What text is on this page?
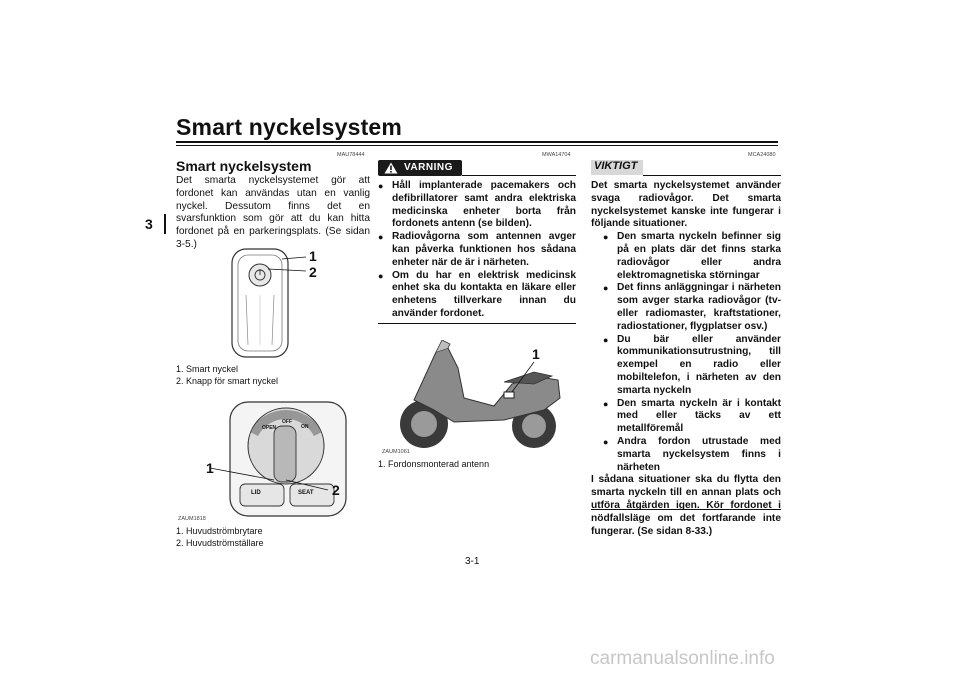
Smart nyckelsystem
3
MAU78444
Smart nyckelsystem
Det smarta nyckelsystemet gör att fordonet kan användas utan en vanlig nyckel. Dessutom finns det en svarsfunktion som gör att du kan hitta fordonet på en parkeringsplats. (Se sidan 3-5.)
1
2
1. Smart nyckel
2. Knapp för smart nyckel
LID	SEAT
OPEN
OFF
ON
1
2
ZAUM1818
1. Huvudströmbrytare
2. Huvudströmställare
MWA14704
VARNING

● Håll implanterade pacemakers och defibrillatorer samt andra elektriska medicinska enheter borta från fordonets antenn (se bilden).

● Radiovågorna som antennen avger kan påverka funktionen hos sådana enheter när de är i närheten.

● Om du har en elektrisk medicinsk enhet ska du kontakta en läkare eller enhetens tillverkare innan du använder fordonet.

1
ZAUM1061
1. Fordonsmonterad antenn
MCA24080
VIKTIGT
Det smarta nyckelsystemet använder svaga radiovågor. Det smarta nyckelsystemet kanske inte fungerar i följande situationer.

● Den smarta nyckeln befinner sig på en plats där det finns starka radiovågor eller andra elektromagnetiska störningar

● Det finns anläggningar i närheten som avger starka radiovågor (tv- eller radiomaster, kraftstationer, radiostationer, flygplatser osv.)

● Du bär eller använder kommunikationsutrustning, till exempel en radio eller mobiltelefon, i närheten av den smarta nyckeln

● Den smarta nyckeln är i kontakt med eller täcks av ett metallföremål

● Andra fordon utrustade med smarta nyckelsystem finns i närheten

I sådana situationer ska du flytta den smarta nyckeln till en annan plats och utföra åtgärden igen. Kör fordonet i nödfallsläge om det fortfarande inte fungerar. (Se sidan 8-33.)
3-1
carmanualsonline.info
